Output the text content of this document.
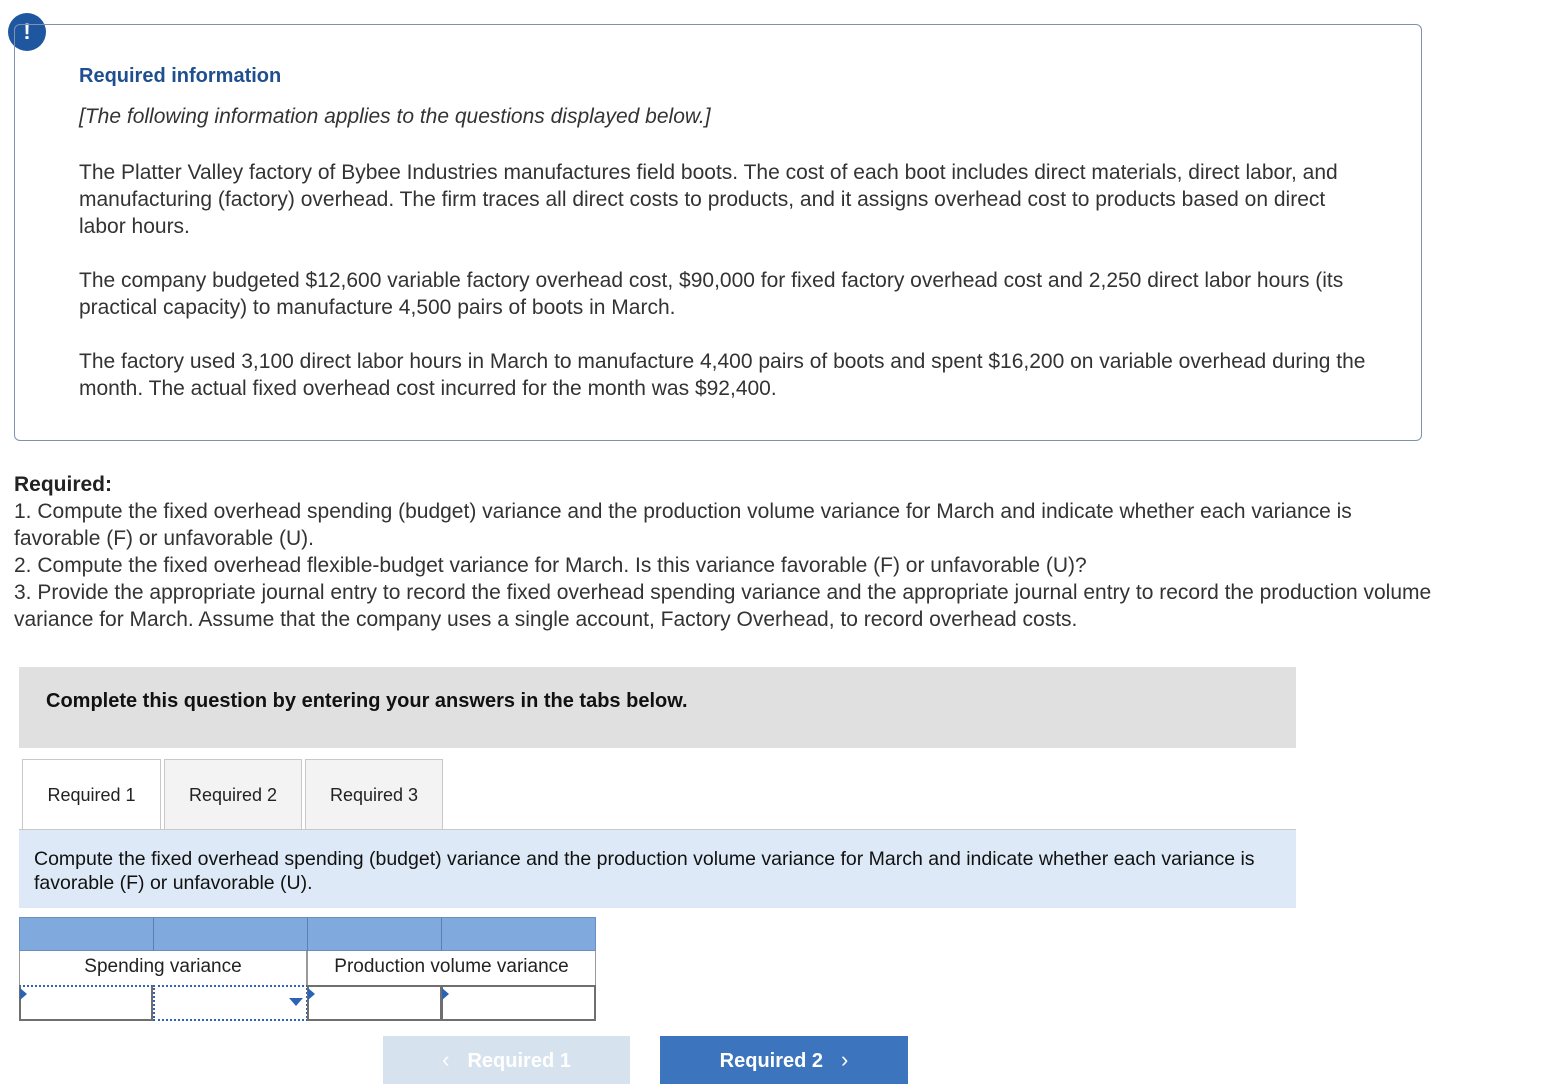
!
Required information
[The following information applies to the questions displayed below.]
The Platter Valley factory of Bybee Industries manufactures field boots. The cost of each boot includes direct materials, direct labor, and manufacturing (factory) overhead. The firm traces all direct costs to products, and it assigns overhead cost to products based on direct labor hours.
The company budgeted $12,600 variable factory overhead cost, $90,000 for fixed factory overhead cost and 2,250 direct labor hours (its practical capacity) to manufacture 4,500 pairs of boots in March.
The factory used 3,100 direct labor hours in March to manufacture 4,400 pairs of boots and spent $16,200 on variable overhead during the month. The actual fixed overhead cost incurred for the month was $92,400.
Required:
1. Compute the fixed overhead spending (budget) variance and the production volume variance for March and indicate whether each variance is favorable (F) or unfavorable (U).
2. Compute the fixed overhead flexible-budget variance for March. Is this variance favorable (F) or unfavorable (U)?
3. Provide the appropriate journal entry to record the fixed overhead spending variance and the appropriate journal entry to record the production volume variance for March. Assume that the company uses a single account, Factory Overhead, to record overhead costs.
Complete this question by entering your answers in the tabs below.
Required 1	Required 2	Required 3
Compute the fixed overhead spending (budget) variance and the production volume variance for March and indicate whether each variance is favorable (F) or unfavorable (U).
Spending variance	Production volume variance
‹ Required 1	Required 2 ›
